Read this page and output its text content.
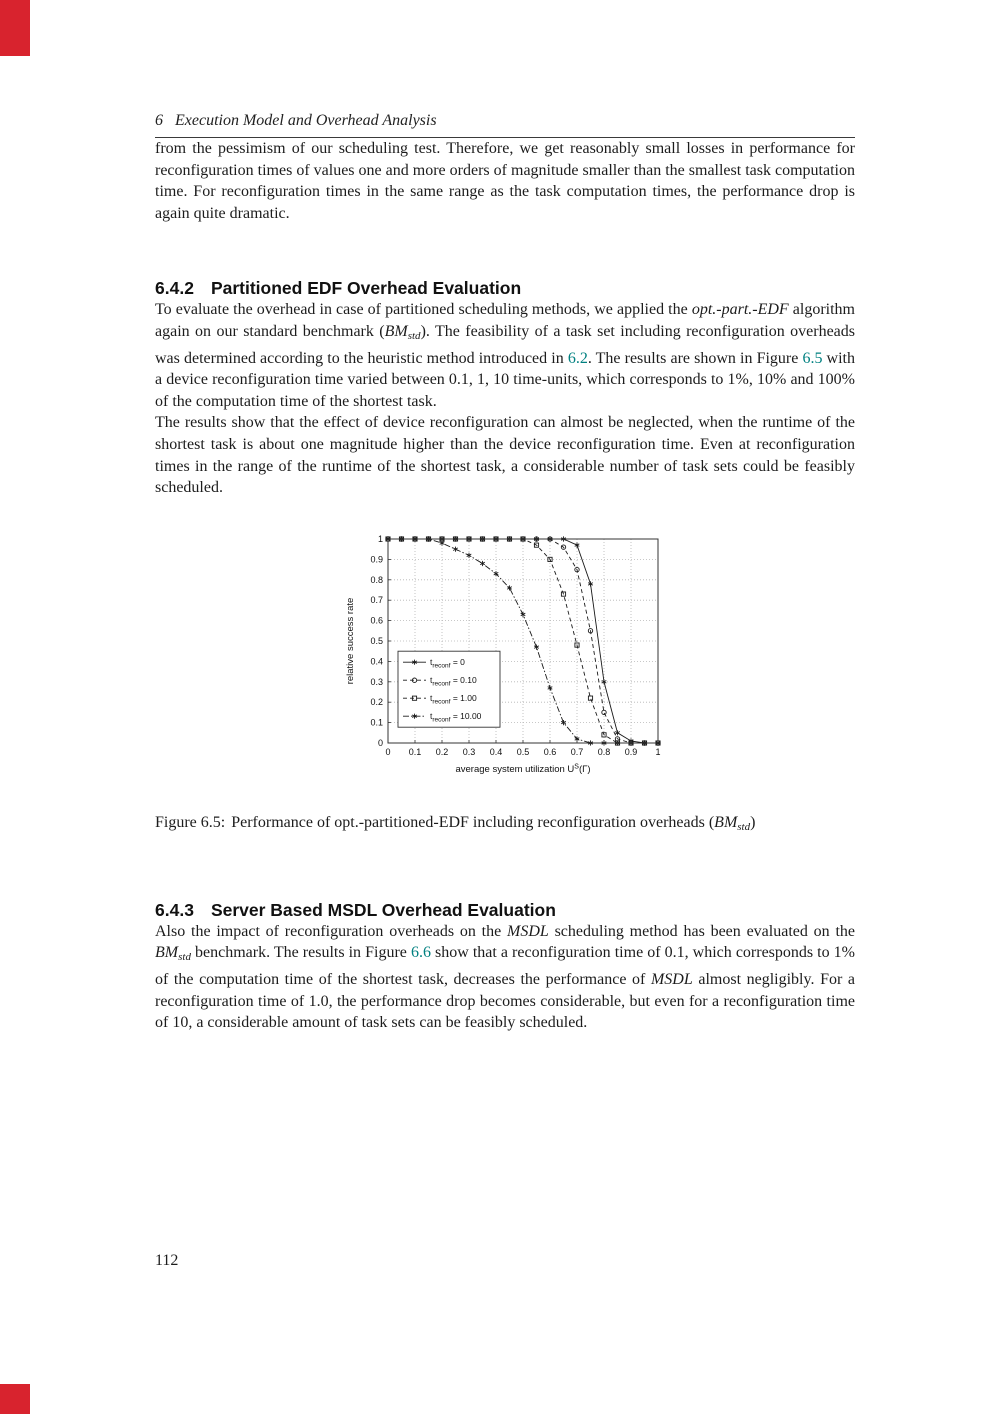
6 Execution Model and Overhead Analysis

from the pessimism of our scheduling test. Therefore, we get reasonably small losses in performance for reconfiguration times of values one and more orders of magnitude smaller than the smallest task computation time. For reconfiguration times in the same range as the task computation times, the performance drop is again quite dramatic.

6.4.2 Partitioned EDF Overhead Evaluation

To evaluate the overhead in case of partitioned scheduling methods, we applied the opt.-part.-EDF algorithm again on our standard benchmark (BMstd). The feasibility of a task set including reconfiguration overheads was determined according to the heuristic method introduced in 6.2. The results are shown in Figure 6.5 with a device reconfiguration time varied between 0.1, 1, 10 time-units, which corresponds to 1%, 10% and 100% of the computation time of the shortest task.

The results show that the effect of device reconfiguration can almost be neglected, when the runtime of the shortest task is about one magnitude higher than the device reconfiguration time. Even at reconfiguration times in the range of the runtime of the shortest task, a considerable number of task sets could be feasibly scheduled.

0 0.1 0.2 0.3 0.4 0.5 0.6 0.7 0.8 0.9 1
0
0.1
0.2
0.3
0.4
0.5
0.6
0.7
0.8
0.9
1
relative success rate
average system utilization $U^S(\Gamma)$
$t_{reconf} = 0$
$t_{reconf} = 0.10$
$t_{reconf} = 1.00$
$t_{reconf} = 10.00$
Figure 6.5: Performance of opt.-partitioned-EDF including reconfiguration overheads (BMstd)
6.4.3 Server Based MSDL Overhead Evaluation

Also the impact of reconfiguration overheads on the MSDL scheduling method has been evaluated on the BMstd benchmark. The results in Figure 6.6 show that a reconfiguration time of 0.1, which corresponds to 1% of the computation time of the shortest task, decreases the performance of MSDL almost negligibly. For a reconfiguration time of 1.0, the performance drop becomes considerable, but even for a reconfiguration time of 10, a considerable amount of task sets can be feasibly scheduled.

112
